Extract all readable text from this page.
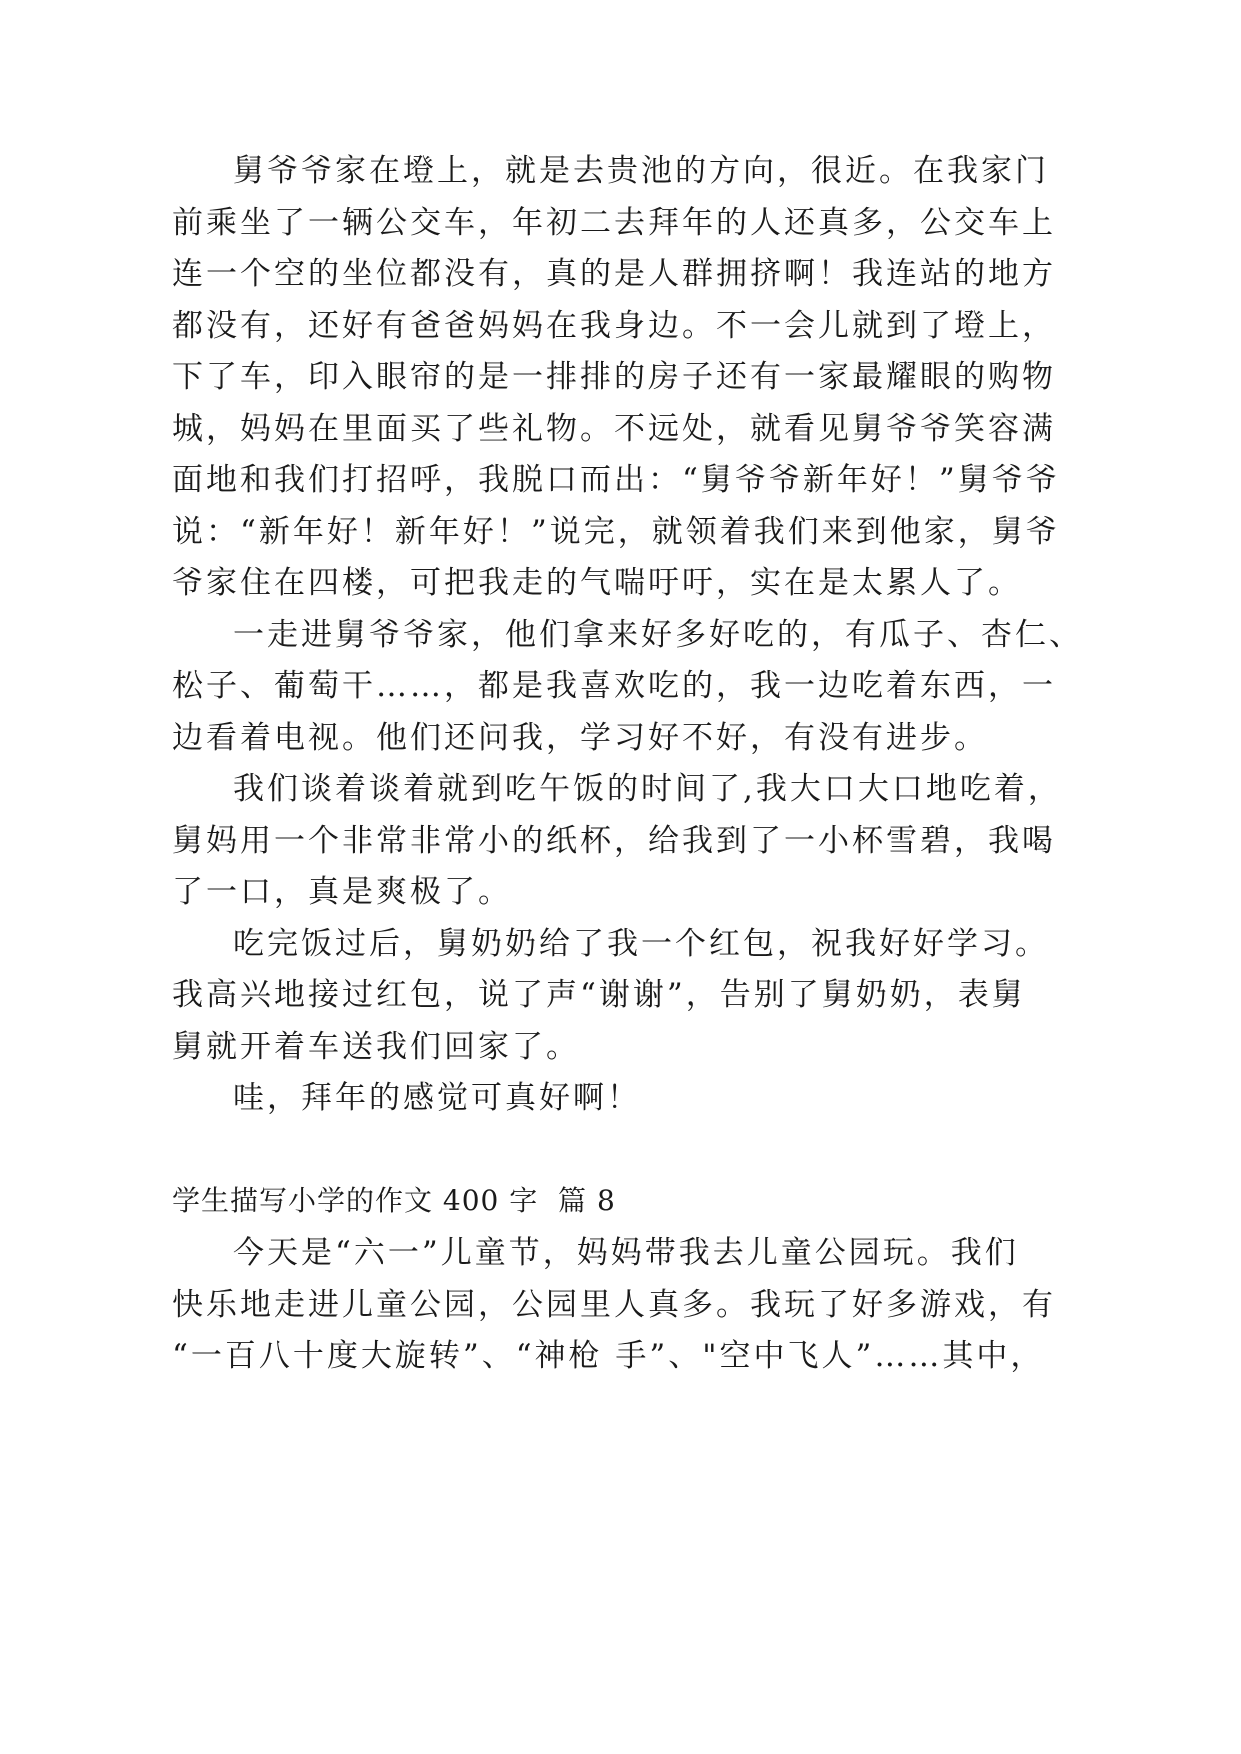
舅爷爷家在墱上，就是去贵池的方向，很近。在我家门
前乘坐了一辆公交车，年初二去拜年的人还真多，公交车上
连一个空的坐位都没有，真的是人群拥挤啊！我连站的地方
都没有，还好有爸爸妈妈在我身边。不一会儿就到了墱上，
下了车，印入眼帘的是一排排的房子还有一家最耀眼的购物
城，妈妈在里面买了些礼物。不远处，就看见舅爷爷笑容满
面地和我们打招呼，我脱口而出：“舅爷爷新年好！”舅爷爷
说：“新年好！新年好！”说完，就领着我们来到他家，舅爷
爷家住在四楼，可把我走的气喘吁吁，实在是太累人了。
一走进舅爷爷家，他们拿来好多好吃的，有瓜子、杏仁、
松子、葡萄干……，都是我喜欢吃的，我一边吃着东西，一
边看着电视。他们还问我，学习好不好，有没有进步。
我们谈着谈着就到吃午饭的时间了,我大口大口地吃着，
舅妈用一个非常非常小的纸杯，给我到了一小杯雪碧，我喝
了一口，真是爽极了。
吃完饭过后，舅奶奶给了我一个红包，祝我好好学习。
我高兴地接过红包，说了声“谢谢”，告别了舅奶奶，表舅
舅就开着车送我们回家了。
哇，拜年的感觉可真好啊！
学生描写小学的作文 400 字  篇 8
今天是“六一”儿童节，妈妈带我去儿童公园玩。我们
快乐地走进儿童公园，公园里人真多。我玩了好多游戏，有
“一百八十度大旋转”、“神枪 手”、"空中飞人”……其中，
